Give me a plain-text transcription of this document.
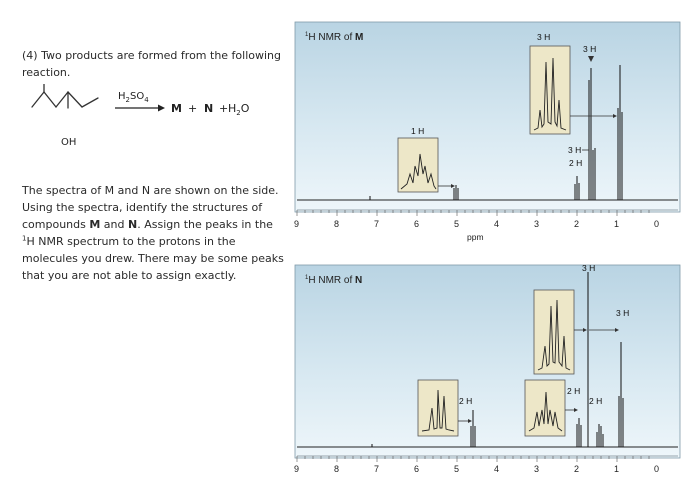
(4) Two products are formed from the following reaction.
OH
$H_2SO_4$
$M + N +H_2O$
The spectra of M and N are shown on the side. Using the spectra, identify the structures of compounds M and N. Assign the peaks in the $^1$H NMR spectrum to the protons in the molecules you drew. There may be some peaks that you are not able to assign exactly.
$^1$H NMR of M
1 H
3 H
3 H
3 H
2 H
9	8	7	6	5	4	3	2	1	0
ppm
$^1$H NMR of N
2 H
3 H
3 H
2 H
2 H
9	8	7	6	5	4	3	2	1	0
